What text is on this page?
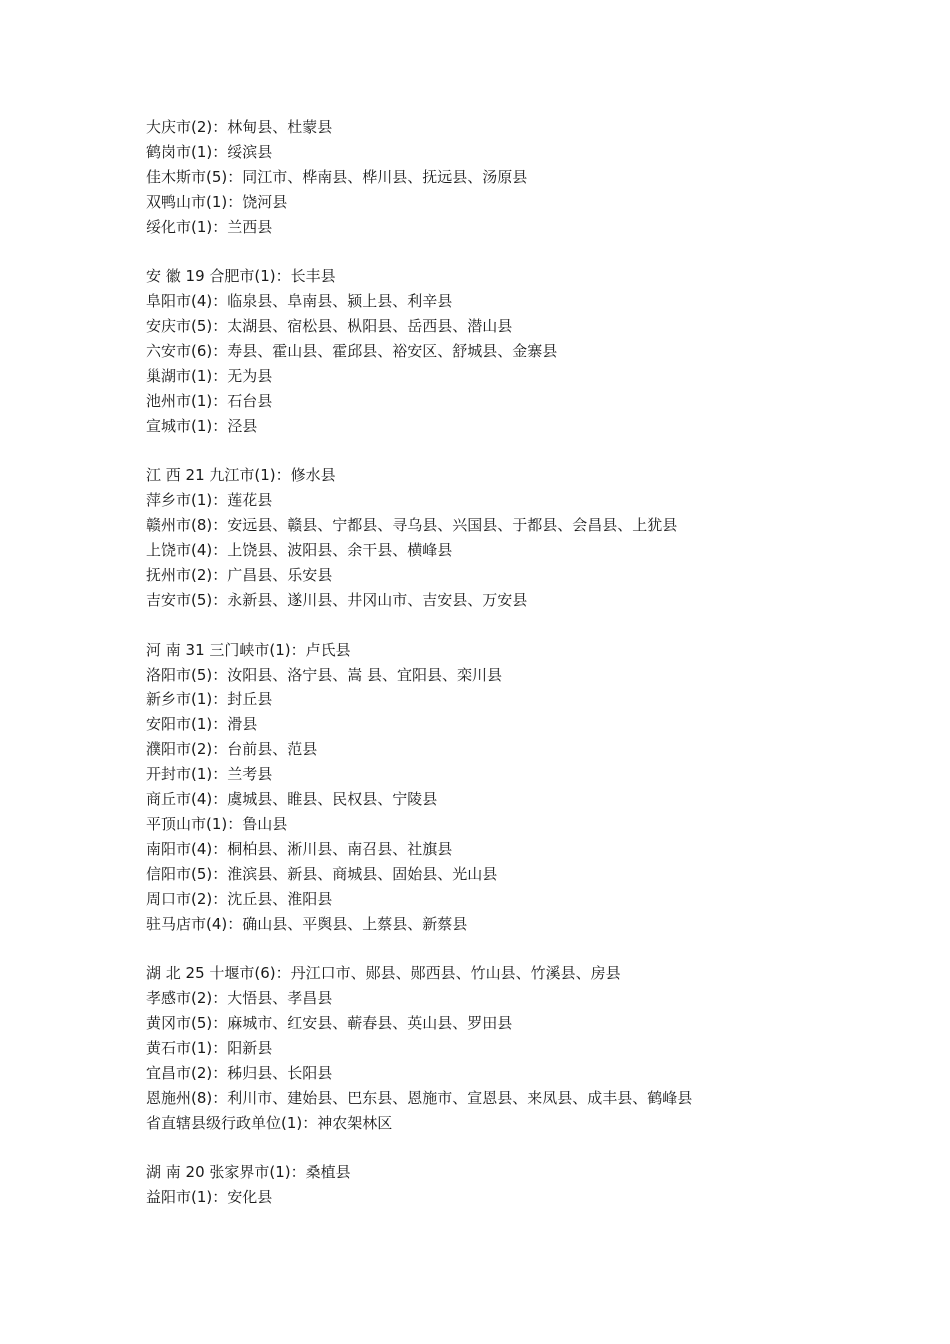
大庆市(2)：林甸县、杜蒙县
鹤岗市(1)：绥滨县
佳木斯市(5)：同江市、桦南县、桦川县、抚远县、汤原县
双鸭山市(1)：饶河县
绥化市(1)：兰西县
安 徽 19 合肥市(1)：长丰县
阜阳市(4)：临泉县、阜南县、颍上县、利辛县
安庆市(5)：太湖县、宿松县、枞阳县、岳西县、潜山县
六安市(6)：寿县、霍山县、霍邱县、裕安区、舒城县、金寨县
巢湖市(1)：无为县
池州市(1)：石台县
宣城市(1)：泾县
江 西 21 九江市(1)：修水县
萍乡市(1)：莲花县
赣州市(8)：安远县、赣县、宁都县、寻乌县、兴国县、于都县、会昌县、上犹县
上饶市(4)：上饶县、波阳县、余干县、横峰县
抚州市(2)：广昌县、乐安县
吉安市(5)：永新县、遂川县、井冈山市、吉安县、万安县
河 南 31 三门峡市(1)：卢氏县
洛阳市(5)：汝阳县、洛宁县、嵩 县、宜阳县、栾川县
新乡市(1)：封丘县
安阳市(1)：滑县
濮阳市(2)：台前县、范县
开封市(1)：兰考县
商丘市(4)：虞城县、睢县、民权县、宁陵县
平顶山市(1)：鲁山县
南阳市(4)：桐柏县、淅川县、南召县、社旗县
信阳市(5)：淮滨县、新县、商城县、固始县、光山县
周口市(2)：沈丘县、淮阳县
驻马店市(4)：确山县、平舆县、上蔡县、新蔡县
湖 北 25 十堰市(6)：丹江口市、郧县、郧西县、竹山县、竹溪县、房县
孝感市(2)：大悟县、孝昌县
黄冈市(5)：麻城市、红安县、蕲春县、英山县、罗田县
黄石市(1)：阳新县
宜昌市(2)：秭归县、长阳县
恩施州(8)：利川市、建始县、巴东县、恩施市、宣恩县、来凤县、成丰县、鹤峰县
省直辖县级行政单位(1)：神农架林区
湖 南 20 张家界市(1)：桑植县
益阳市(1)：安化县
